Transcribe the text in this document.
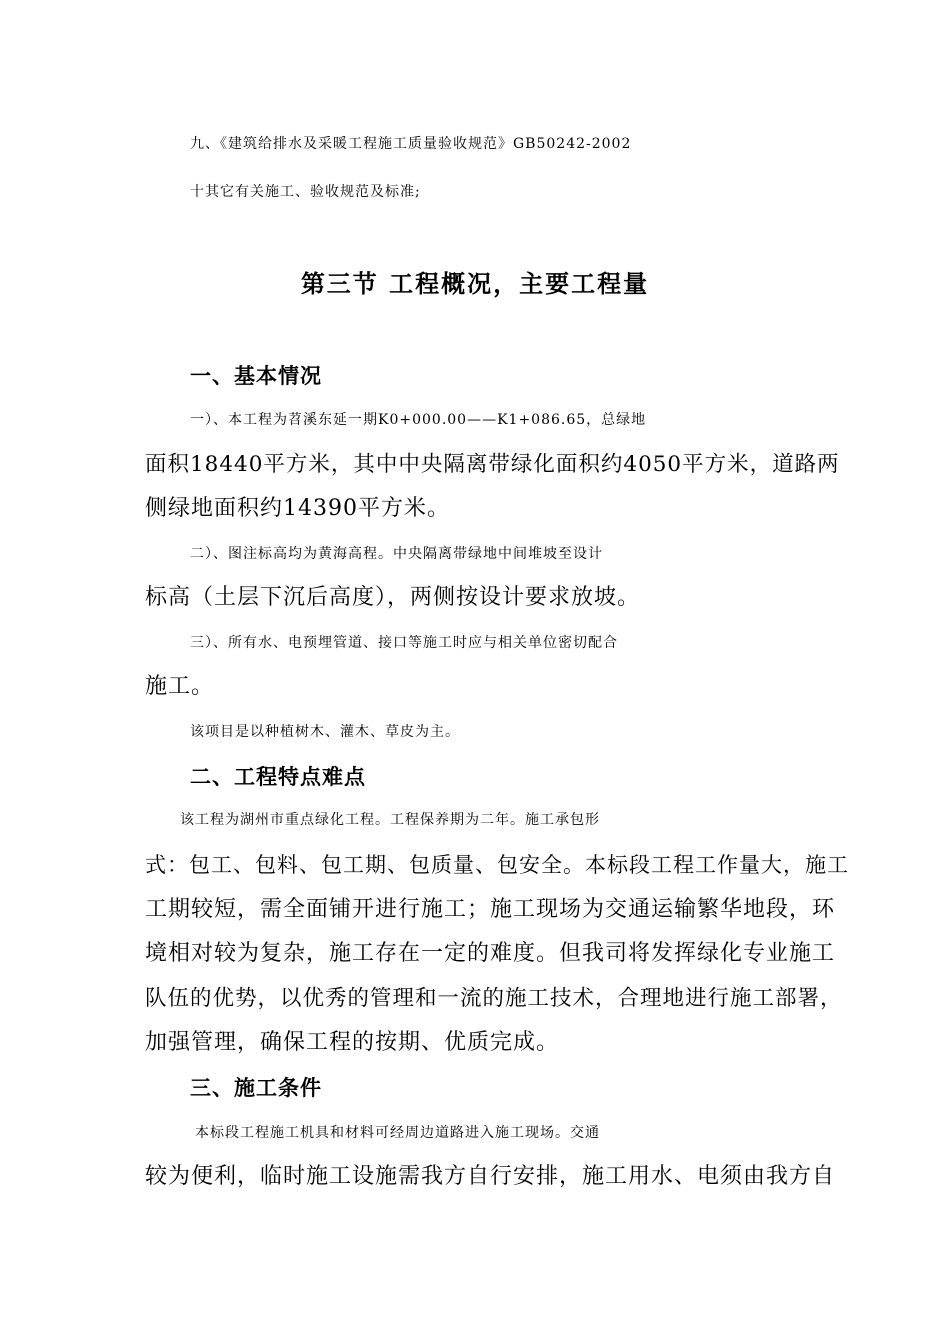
九、《建筑给排水及采暖工程施工质量验收规范》GB50242-2002
十其它有关施工、验收规范及标准;
第三节 工程概况，主要工程量
一、基本情况
一）、本工程为苕溪东延一期K0+000.00——K1+086.65，总绿地
面积18440平方米，其中中央隔离带绿化面积约4050平方米，道路两
侧绿地面积约14390平方米。
二）、图注标高均为黄海高程。中央隔离带绿地中间堆坡至设计
标高（土层下沉后高度），两侧按设计要求放坡。
三）、所有水、电预埋管道、接口等施工时应与相关单位密切配合
施工。
该项目是以种植树木、灌木、草皮为主。
二、工程特点难点
该工程为湖州市重点绿化工程。工程保养期为二年。施工承包形
式：包工、包料、包工期、包质量、包安全。本标段工程工作量大，施工
工期较短，需全面铺开进行施工；施工现场为交通运输繁华地段，环
境相对较为复杂，施工存在一定的难度。但我司将发挥绿化专业施工
队伍的优势，以优秀的管理和一流的施工技术，合理地进行施工部署，
加强管理，确保工程的按期、优质完成。
三、施工条件
本标段工程施工机具和材料可经周边道路进入施工现场。交通
较为便利，临时施工设施需我方自行安排，施工用水、电须由我方自
